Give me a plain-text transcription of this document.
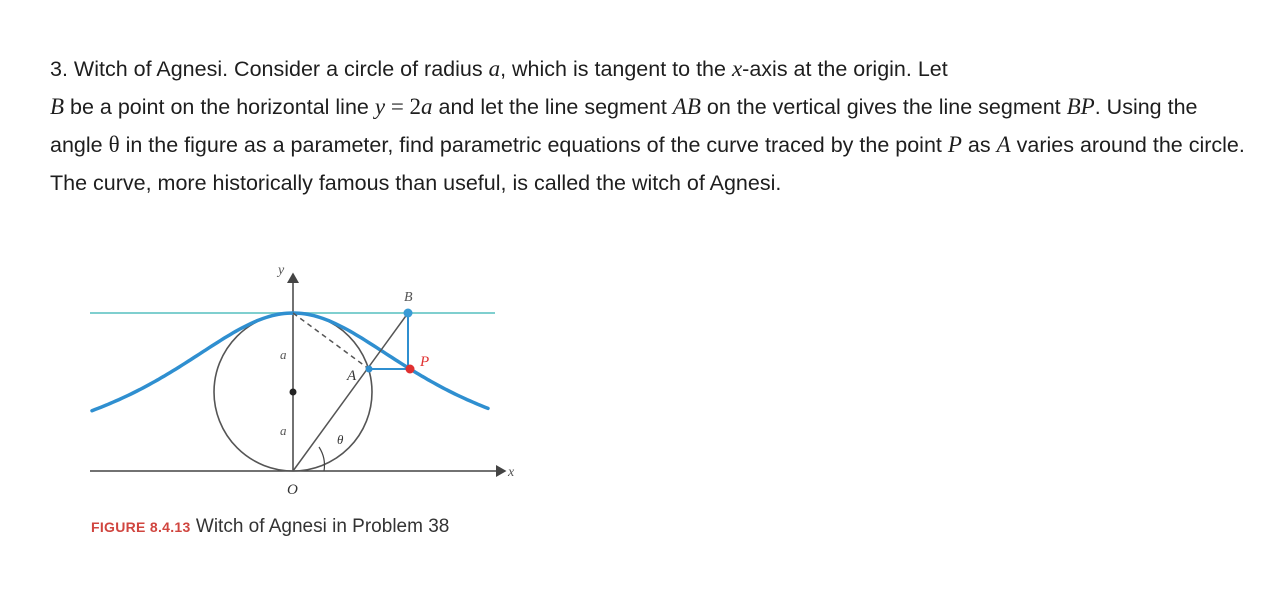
3. Witch of Agnesi. Consider a circle of radius a, which is tangent to the x-axis at the origin. Let
B be a point on the horizontal line y = 2a and let the line segment AB on the vertical gives the line segment BP. Using the angle θ in the figure as a parameter, find parametric equations of the curve traced by the point P as A varies around the circle. The curve, more historically famous than useful, is called the witch of Agnesi.

y
x
O
B
A
P
a
a
θ
FIGURE 8.4.13 Witch of Agnesi in Problem 38
